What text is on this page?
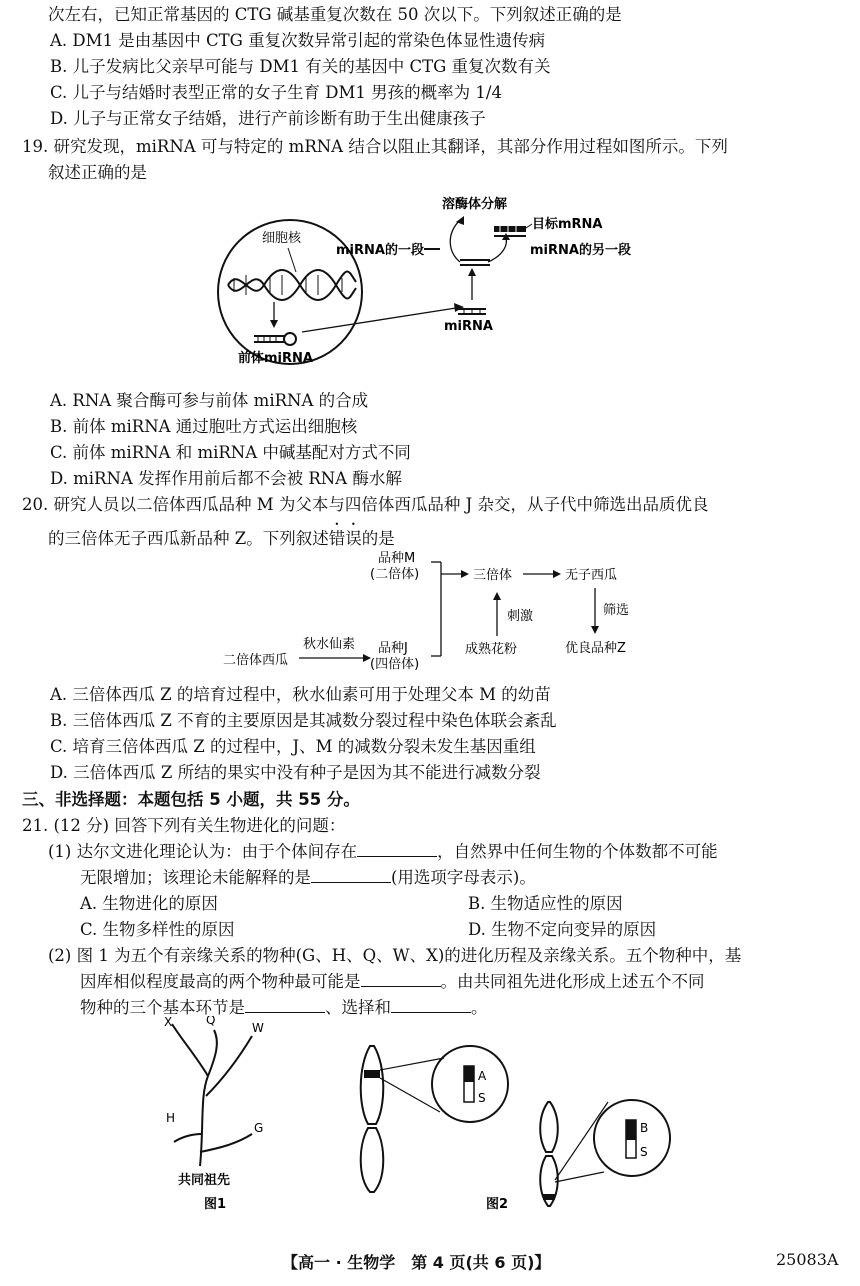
次左右，已知正常基因的 CTG 碱基重复次数在 50 次以下。下列叙述正确的是
A. DM1 是由基因中 CTG 重复次数异常引起的常染色体显性遗传病
B. 儿子发病比父亲早可能与 DM1 有关的基因中 CTG 重复次数有关
C. 儿子与结婚时表型正常的女子生育 DM1 男孩的概率为 1/4
D. 儿子与正常女子结婚，进行产前诊断有助于生出健康孩子
19. 研究发现，miRNA 可与特定的 mRNA 结合以阻止其翻译，其部分作用过程如图所示。下列
叙述正确的是
细胞核
前体miRNA
miRNA
miRNA的一段
目标mRNA
miRNA的另一段
溶酶体分解
A. RNA 聚合酶可参与前体 miRNA 的合成
B. 前体 miRNA 通过胞吐方式运出细胞核
C. 前体 miRNA 和 miRNA 中碱基配对方式不同
D. miRNA 发挥作用前后都不会被 RNA 酶水解
20. 研究人员以二倍体西瓜品种 M 为父本与四倍体西瓜品种 J 杂交，从子代中筛选出品质优良
的三倍体无子西瓜新品种 Z。下列叙述错误的是
品种M
(二倍体)
品种J
(四倍体)
三倍体	无子西瓜
刺激
成熟花粉
筛选
优良品种Z
二倍体西瓜
秋水仙素
A. 三倍体西瓜 Z 的培育过程中，秋水仙素可用于处理父本 M 的幼苗
B. 三倍体西瓜 Z 不育的主要原因是其减数分裂过程中染色体联会紊乱
C. 培育三倍体西瓜 Z 的过程中，J、M 的减数分裂未发生基因重组
D. 三倍体西瓜 Z 所结的果实中没有种子是因为其不能进行减数分裂
三、非选择题：本题包括 5 小题，共 55 分。
21. (12 分) 回答下列有关生物进化的问题：
(1) 达尔文进化理论认为：由于个体间存在	，自然界中任何生物的个体数都不可能
无限增加；该理论未能解释的是	(用选项字母表示)。
A. 生物进化的原因	B. 生物适应性的原因
C. 生物多样性的原因	D. 生物不定向变异的原因
(2) 图 1 为五个有亲缘关系的物种(G、H、Q、W、X)的进化历程及亲缘关系。五个物种中，基
因库相似程度最高的两个物种最可能是	。由共同祖先进化形成上述五个不同
物种的三个基本环节是	、选择和	。
X	Q
W
H
G
共同祖先
图1
A
S
B
S
图2
【高一 · 生物学　第 4 页(共 6 页)】	25083A
